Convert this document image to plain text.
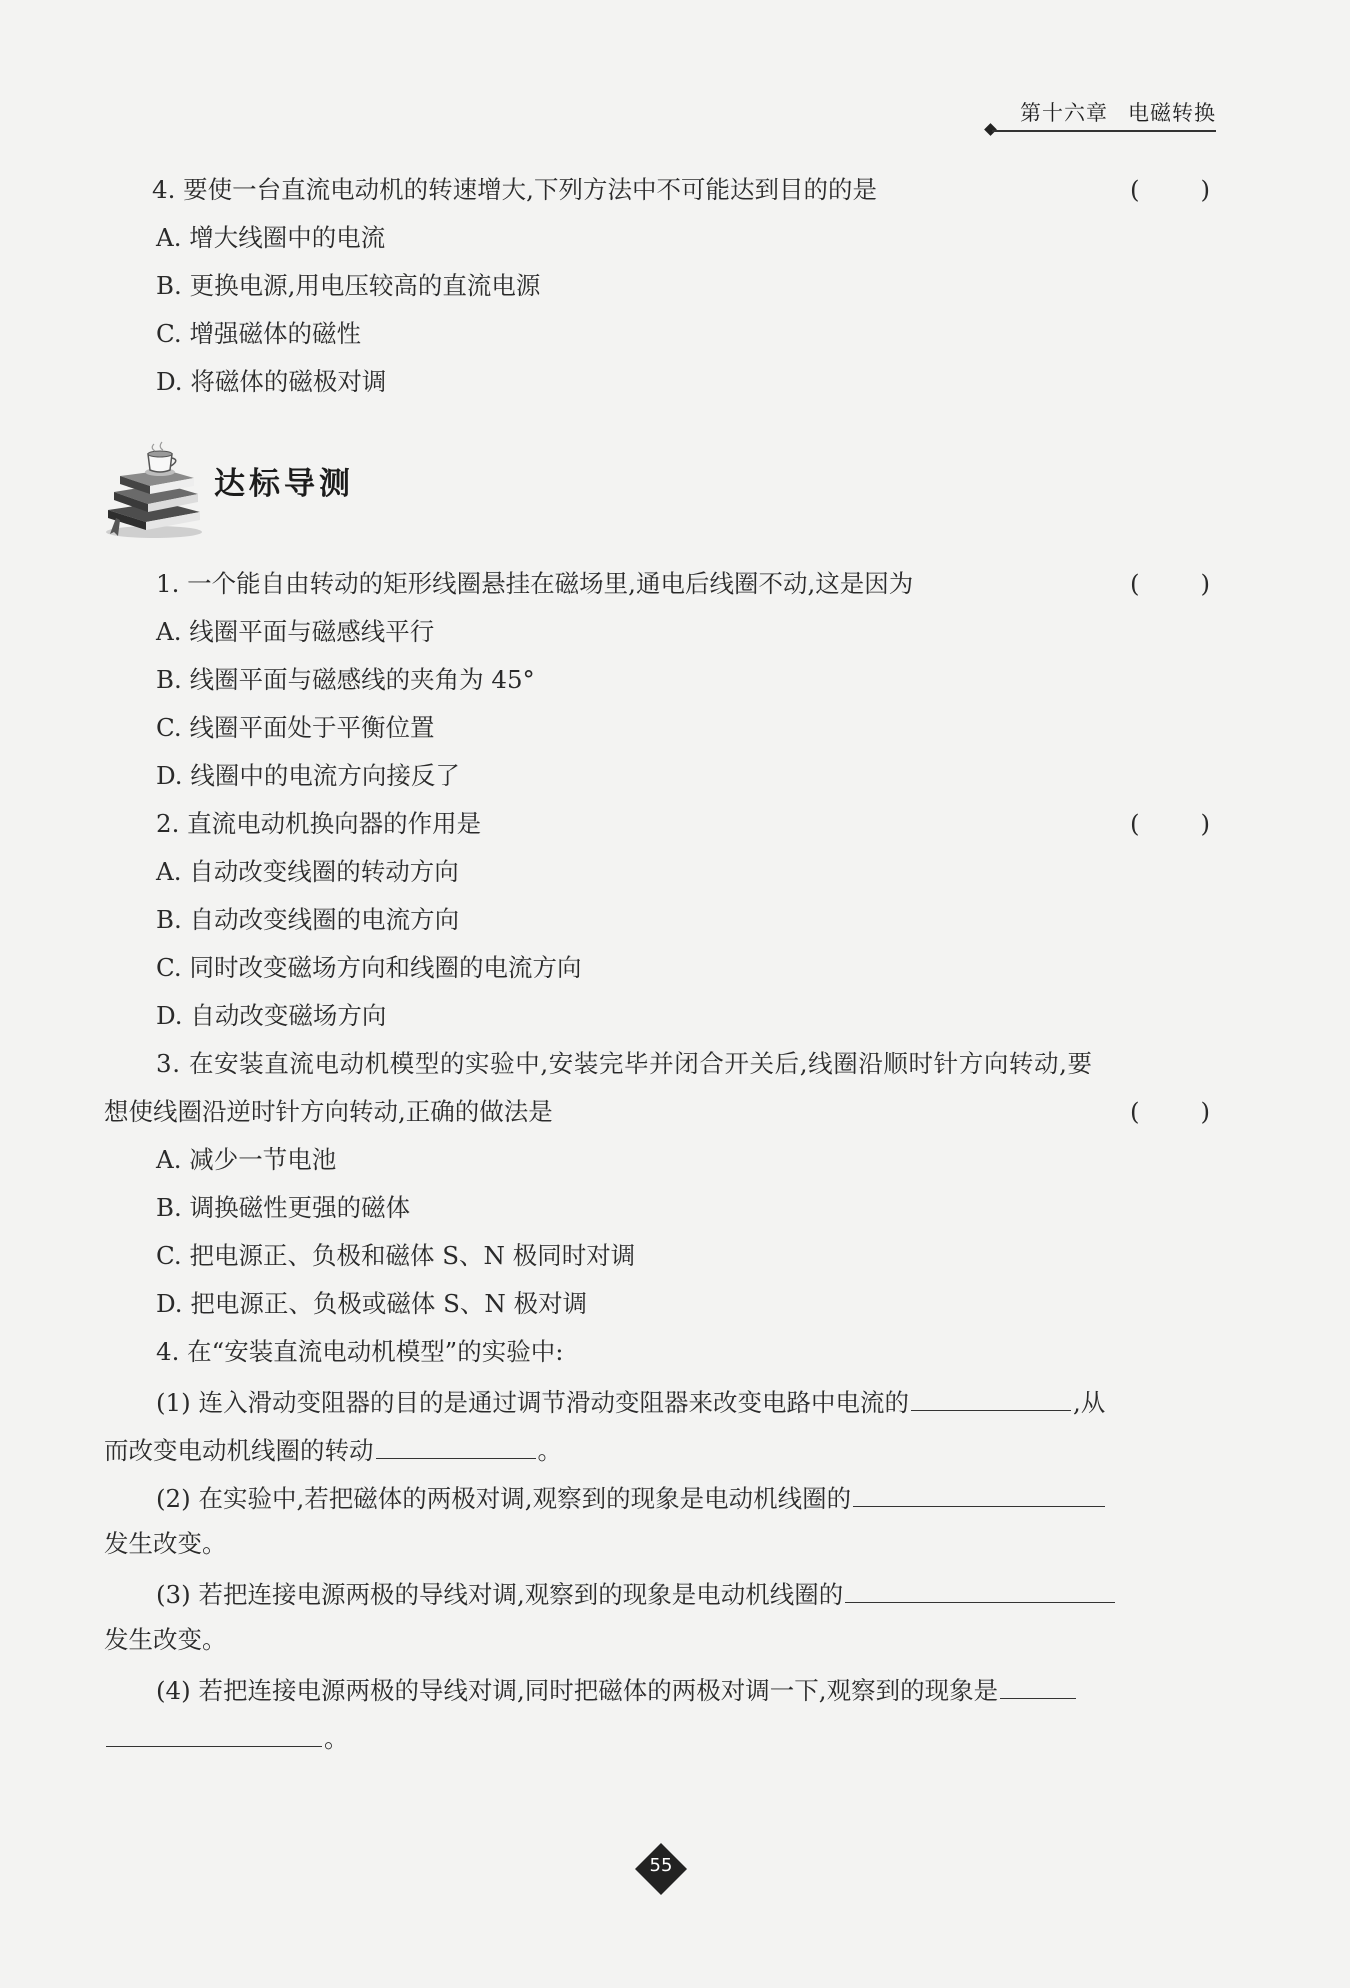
第十六章 电磁转换
4. 要使一台直流电动机的转速增大,下列方法中不可能达到目的的是	( )
A. 增大线圈中的电流
B. 更换电源,用电压较高的直流电源
C. 增强磁体的磁性
D. 将磁体的磁极对调
达标导测
1. 一个能自由转动的矩形线圈悬挂在磁场里,通电后线圈不动,这是因为	( )
A. 线圈平面与磁感线平行
B. 线圈平面与磁感线的夹角为 45°
C. 线圈平面处于平衡位置
D. 线圈中的电流方向接反了
2. 直流电动机换向器的作用是	( )
A. 自动改变线圈的转动方向
B. 自动改变线圈的电流方向
C. 同时改变磁场方向和线圈的电流方向
D. 自动改变磁场方向
3. 在安装直流电动机模型的实验中,安装完毕并闭合开关后,线圈沿顺时针方向转动,要
想使线圈沿逆时针方向转动,正确的做法是	( )
A. 减少一节电池
B. 调换磁性更强的磁体
C. 把电源正、负极和磁体 S、N 极同时对调
D. 把电源正、负极或磁体 S、N 极对调
4. 在“安装直流电动机模型”的实验中:
(1) 连入滑动变阻器的目的是通过调节滑动变阻器来改变电路中电流的	,从
而改变电动机线圈的转动	。
(2) 在实验中,若把磁体的两极对调,观察到的现象是电动机线圈的
发生改变。
(3) 若把连接电源两极的导线对调,观察到的现象是电动机线圈的
发生改变。
(4) 若把连接电源两极的导线对调,同时把磁体的两极对调一下,观察到的现象是
。
55
